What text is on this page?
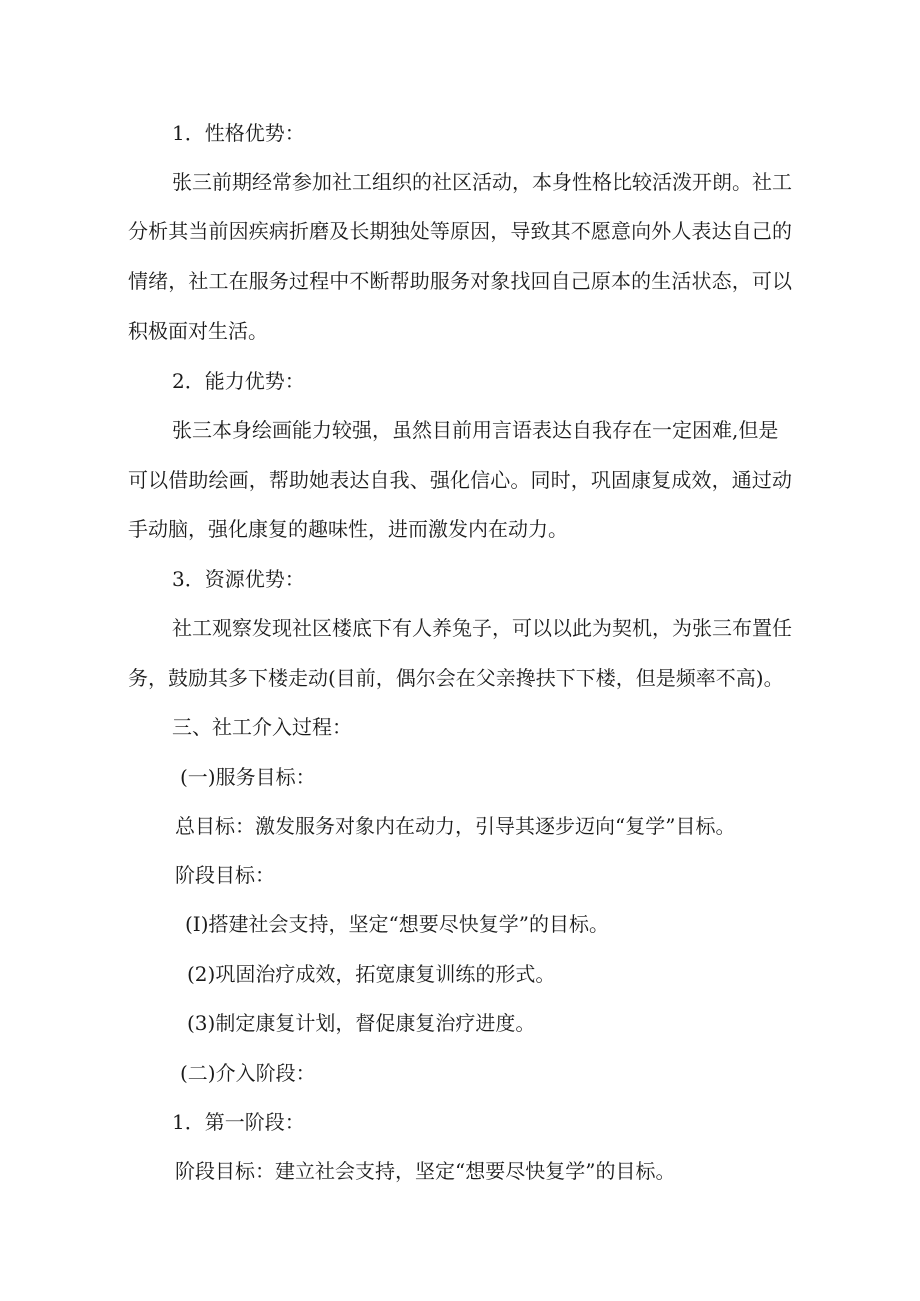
1．性格优势：
张三前期经常参加社工组织的社区活动，本身性格比较活泼开朗。社工
分析其当前因疾病折磨及长期独处等原因，导致其不愿意向外人表达自己的
情绪，社工在服务过程中不断帮助服务对象找回自己原本的生活状态，可以
积极面对生活。
2．能力优势：
张三本身绘画能力较强，虽然目前用言语表达自我存在一定困难,但是
可以借助绘画，帮助她表达自我、强化信心。同时，巩固康复成效，通过动
手动脑，强化康复的趣味性，进而激发内在动力。
3．资源优势：
社工观察发现社区楼底下有人养兔子，可以以此为契机，为张三布置任
务，鼓励其多下楼走动(目前，偶尔会在父亲搀扶下下楼，但是频率不高)。
三、社工介入过程：
(一)服务目标：
总目标：激发服务对象内在动力，引导其逐步迈向“复学”目标。
阶段目标：
(I)搭建社会支持，坚定“想要尽快复学”的目标。
(2)巩固治疗成效，拓宽康复训练的形式。
(3)制定康复计划，督促康复治疗进度。
(二)介入阶段：
1．第一阶段：
阶段目标：建立社会支持，坚定“想要尽快复学”的目标。
